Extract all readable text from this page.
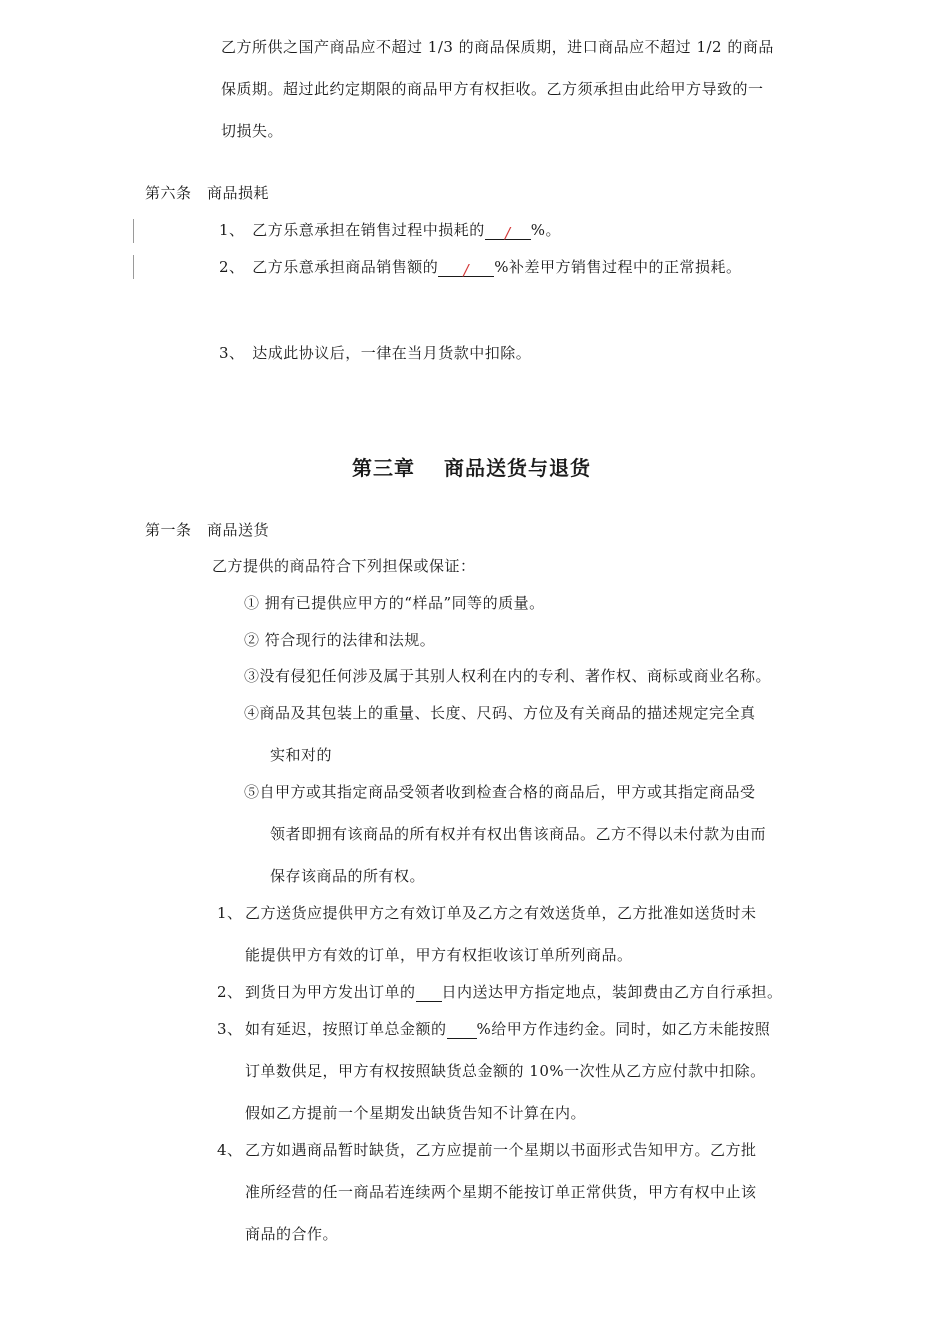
乙方所供之国产商品应不超过 1/3 的商品保质期，进口商品应不超过 1/2 的商品
保质期。超过此约定期限的商品甲方有权拒收。乙方须承担由此给甲方导致的一
切损失。
第六条　商品损耗
1、 乙方乐意承担在销售过程中损耗的 / %。
2、 乙方乐意承担商品销售额的 / %补差甲方销售过程中的正常损耗。
3、 达成此协议后，一律在当月货款中扣除。
第三章　 商品送货与退货
第一条　商品送货
乙方提供的商品符合下列担保或保证：
① 拥有已提供应甲方的“样品”同等的质量。
② 符合现行的法律和法规。
③没有侵犯任何涉及属于其别人权利在内的专利、著作权、商标或商业名称。
④商品及其包装上的重量、长度、尺码、方位及有关商品的描述规定完全真
实和对的
⑤自甲方或其指定商品受领者收到检查合格的商品后，甲方或其指定商品受
领者即拥有该商品的所有权并有权出售该商品。乙方不得以未付款为由而
保存该商品的所有权。
1、 乙方送货应提供甲方之有效订单及乙方之有效送货单，乙方批准如送货时未
能提供甲方有效的订单，甲方有权拒收该订单所列商品。
2、 到货日为甲方发出订单的 日内送达甲方指定地点，装卸费由乙方自行承担。
3、 如有延迟，按照订单总金额的 %给甲方作违约金。同时，如乙方未能按照
订单数供足，甲方有权按照缺货总金额的 10%一次性从乙方应付款中扣除。
假如乙方提前一个星期发出缺货告知不计算在内。
4、 乙方如遇商品暂时缺货，乙方应提前一个星期以书面形式告知甲方。乙方批
准所经营的任一商品若连续两个星期不能按订单正常供货，甲方有权中止该
商品的合作。
